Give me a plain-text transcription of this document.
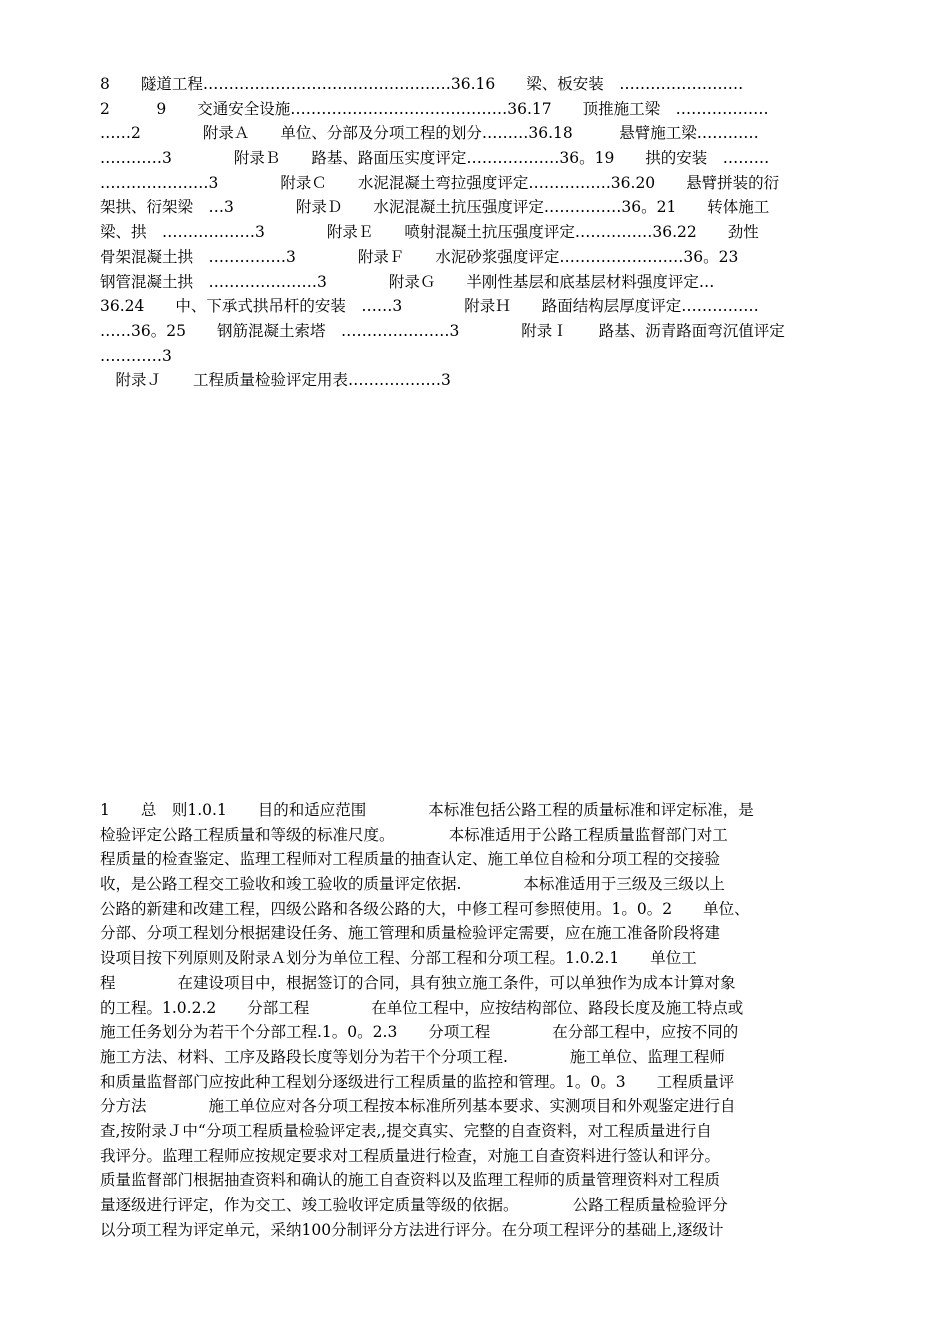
8　　隧道工程…………………………………………36.16　　梁、板安装　……………………
2　　　9　　交通安全设施……………………………………36.17　　顶推施工梁　………………
……2　　　　附录Ａ　　单位、分部及分项工程的划分………36.18　　　悬臂施工梁…………
…………3　　　　附录Ｂ　　路基、路面压实度评定………………36。19　　拱的安装　………
…………………3　　　　附录Ｃ　　水泥混凝土弯拉强度评定…………….36.20　　悬臂拼装的衍
架拱、衍架梁　…3　　　　附录Ｄ　　水泥混凝土抗压强度评定……………36。21　　转体施工
梁、拱　………………3　　　　附录Ｅ　　喷射混凝土抗压强度评定……………36.22　　劲性
骨架混凝土拱　……………3　　　　附录Ｆ　　水泥砂浆强度评定……………………36。23
钢管混凝土拱　…………………3　　　　附录Ｇ　　半刚性基层和底基层材料强度评定…
36.24　　中、下承式拱吊杆的安装　……3　　　　附录Ｈ　　路面结构层厚度评定……………
……36。25　　钢筋混凝土索塔　…………………3　　　　附录Ｉ　　路基、沥青路面弯沉值评定
…………3
　附录Ｊ　　工程质量检验评定用表………………3
1　　总　则1.0.1　　目的和适应范围　　　　本标准包括公路工程的质量标准和评定标准，是
检验评定公路工程质量和等级的标准尺度。　　　　本标准适用于公路工程质量监督部门对工
程质量的检查鉴定、监理工程师对工程质量的抽查认定、施工单位自检和分项工程的交接验
收，是公路工程交工验收和竣工验收的质量评定依据.　　　　本标准适用于三级及三级以上
公路的新建和改建工程，四级公路和各级公路的大，中修工程可参照使用。1。0。2　　单位、
分部、分项工程划分根据建设任务、施工管理和质量检验评定需要，应在施工准备阶段将建
设项目按下列原则及附录Ａ划分为单位工程、分部工程和分项工程。1.0.2.1　　单位工
程　　　　在建设项目中，根据签订的合同，具有独立施工条件，可以单独作为成本计算对象
的工程。1.0.2.2　　分部工程　　　　在单位工程中，应按结构部位、路段长度及施工特点或
施工任务划分为若干个分部工程.1。0。2.3　　分项工程　　　　在分部工程中，应按不同的
施工方法、材料、工序及路段长度等划分为若干个分项工程.　　　　施工单位、监理工程师
和质量监督部门应按此种工程划分逐级进行工程质量的监控和管理。1。0。3　　工程质量评
分方法　　　　施工单位应对各分项工程按本标准所列基本要求、实测项目和外观鉴定进行自
查,按附录Ｊ中“分项工程质量检验评定表,,提交真实、完整的自查资料，对工程质量进行自
我评分。监理工程师应按规定要求对工程质量进行检查，对施工自查资料进行签认和评分。
质量监督部门根据抽查资料和确认的施工自查资料以及监理工程师的质量管理资料对工程质
量逐级进行评定，作为交工、竣工验收评定质量等级的依据。　　　　公路工程质量检验评分
以分项工程为评定单元，采纳100分制评分方法进行评分。在分项工程评分的基础上,逐级计
